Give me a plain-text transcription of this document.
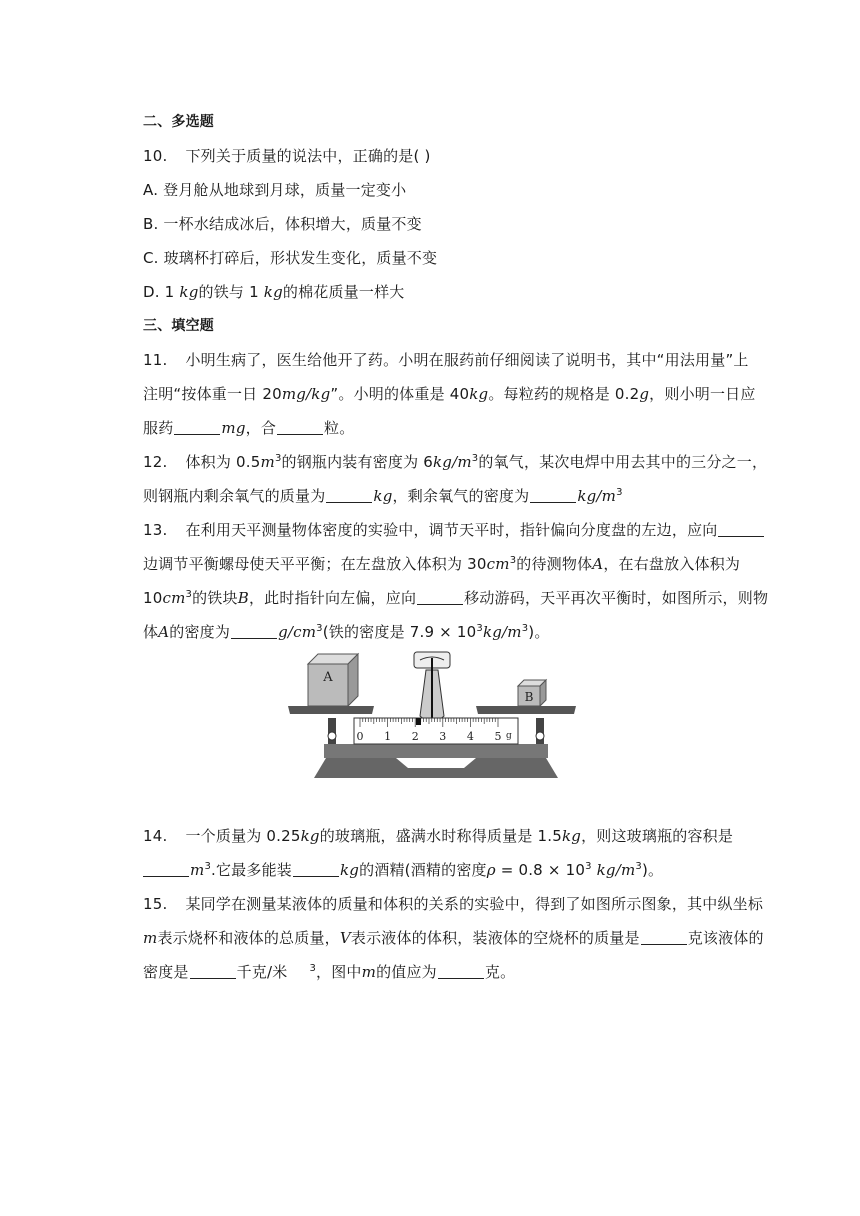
二、多选题
10. 下列关于质量的说法中，正确的是( )
A. 登月舱从地球到月球，质量一定变小
B. 一杯水结成冰后，体积增大，质量不变
C. 玻璃杯打碎后，形状发生变化，质量不变
D. 1 kg的铁与 1 kg的棉花质量一样大
三、填空题
11. 小明生病了，医生给他开了药。小明在服药前仔细阅读了说明书，其中“用法用量”上
注明“按体重一日 20mg/kg”。小明的体重是 40kg。每粒药的规格是 0.2g，则小明一日应
服药	mg，合	粒。
12. 体积为 $0.5m^3$的钢瓶内装有密度为 $6kg/m^3$的氧气，某次电焊中用去其中的三分之一，
则钢瓶内剩余氧气的质量为	kg，剩余氧气的密度为	$kg/m^3$
13. 在利用天平测量物体密度的实验中，调节天平时，指针偏向分度盘的左边，应向
边调节平衡螺母使天平平衡；在左盘放入体积为 $30cm^3$的待测物体A，在右盘放入体积为
$10cm^3$的铁块B，此时指针向左偏，应向	移动游码，天平再次平衡时，如图所示，则物
体A的密度为	$g/cm^3$(铁的密度是 $7.9 \times 10^3kg/m^3$)。
A
B
0 1 2 3 4 5 g
14. 一个质量为 0.25kg的玻璃瓶，盛满水时称得质量是 1.5kg，则这玻璃瓶的容积是
$m^3$.它最多能装	kg的酒精(酒精的密度$\rho = 0.8 \times 10^3$ $kg/m^3$)。
15. 某同学在测量某液体的质量和体积的关系的实验中，得到了如图所示图象，其中纵坐标
m表示烧杯和液体的总质量，V表示液体的体积，装液体的空烧杯的质量是	克该液体的
密度是	千克/米 $^3$，图中m的值应为	克。
